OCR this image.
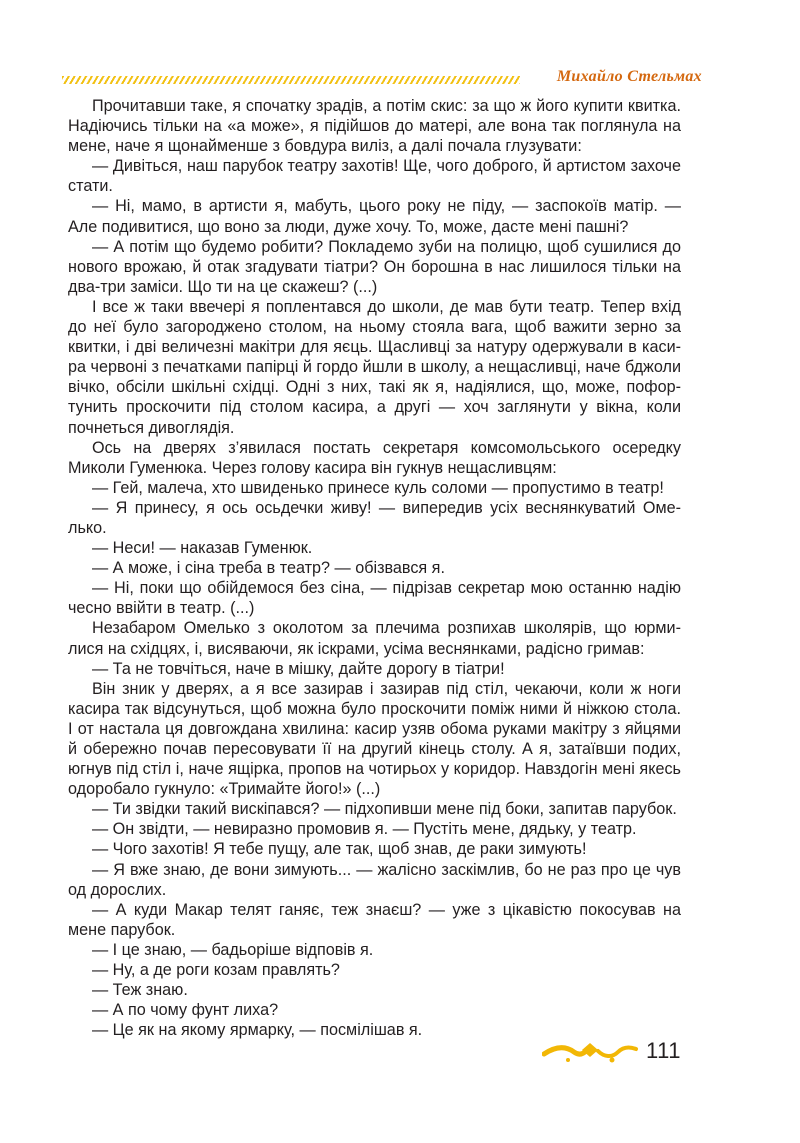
Михайло Стельмах

Прочитавши таке, я спочатку зрадів, а потім скис: за що ж його купити квитка. Надіючись тільки на «а може», я підійшов до матері, але вона так поглянула на мене, наче я щонайменше з бовдура виліз, а далі почала глузувати:

— Дивіться, наш парубок театру захотів! Ще, чого доброго, й артистом захоче стати.

— Ні, мамо, в артисти я, мабуть, цього року не піду, — заспокоїв матір. — Але подивитися, що воно за люди, дуже хочу. То, може, дасте мені пашні?

— А потім що будемо робити? Покладемо зуби на полицю, щоб сушилися до нового врожаю, й отак згадувати тіатри? Он борошна в нас лишилося тільки на два-три заміси. Що ти на це скажеш? (...)

І все ж таки ввечері я поплентався до школи, де мав бути театр. Тепер вхід до неї було загороджено столом, на ньому стояла вага, щоб важити зерно за квитки, і дві величезні макітри для яєць. Щасливці за натуру одержували в касира червоні з печатками папірці й гордо йшли в школу, а нещасливці, наче бджоли вічко, обсіли шкільні східці. Одні з них, такі як я, надіялися, що, може, пофортунить проскочити під столом касира, а другі — хоч заглянути у вікна, коли почнеться дивоглядія.

Ось на дверях з’явилася постать секретаря комсомольського осередку Миколи Гуменюка. Через голову касира він гукнув нещасливцям:

— Гей, малеча, хто швиденько принесе куль соломи — пропустимо в театр!

— Я принесу, я ось осьдечки живу! — випередив усіх веснянкуватий Омелько.

— Неси! — наказав Гуменюк.

— А може, і сіна треба в театр? — обізвався я.

— Ні, поки що обійдемося без сіна, — підрізав секретар мою останню надію чесно ввійти в театр. (...)

Незабаром Омелько з околотом за плечима розпихав школярів, що юрмилися на східцях, і, висяваючи, як іскрами, усіма веснянками, радісно гримав:

— Та не товчіться, наче в мішку, дайте дорогу в тіатри!

Він зник у дверях, а я все зазирав і зазирав під стіл, чекаючи, коли ж ноги касира так відсунуться, щоб можна було проскочити поміж ними й ніжкою стола. І от настала ця довгождана хвилина: касир узяв обома руками макітру з яйцями й обережно почав пересовувати її на другий кінець столу. А я, затаївши подих, югнув під стіл і, наче ящірка, пропов на чотирьох у коридор. Навздогін мені якесь одоробало гукнуло: «Тримайте його!» (...)

— Ти звідки такий вискіпався? — підхопивши мене під боки, запитав парубок.

— Он звідти, — невиразно промовив я. — Пустіть мене, дядьку, у театр.

— Чого захотів! Я тебе пущу, але так, щоб знав, де раки зимують!

— Я вже знаю, де вони зимують... — жалісно заскімлив, бо не раз про це чув од дорослих.

— А куди Макар телят ганяє, теж знаєш? — уже з цікавістю покосував на мене парубок.

— І це знаю, — бадьоріше відповів я.

— Ну, а де роги козам правлять?

— Теж знаю.

— А по чому фунт лиха?

— Це як на якому ярмарку, — посмілішав я.

111
